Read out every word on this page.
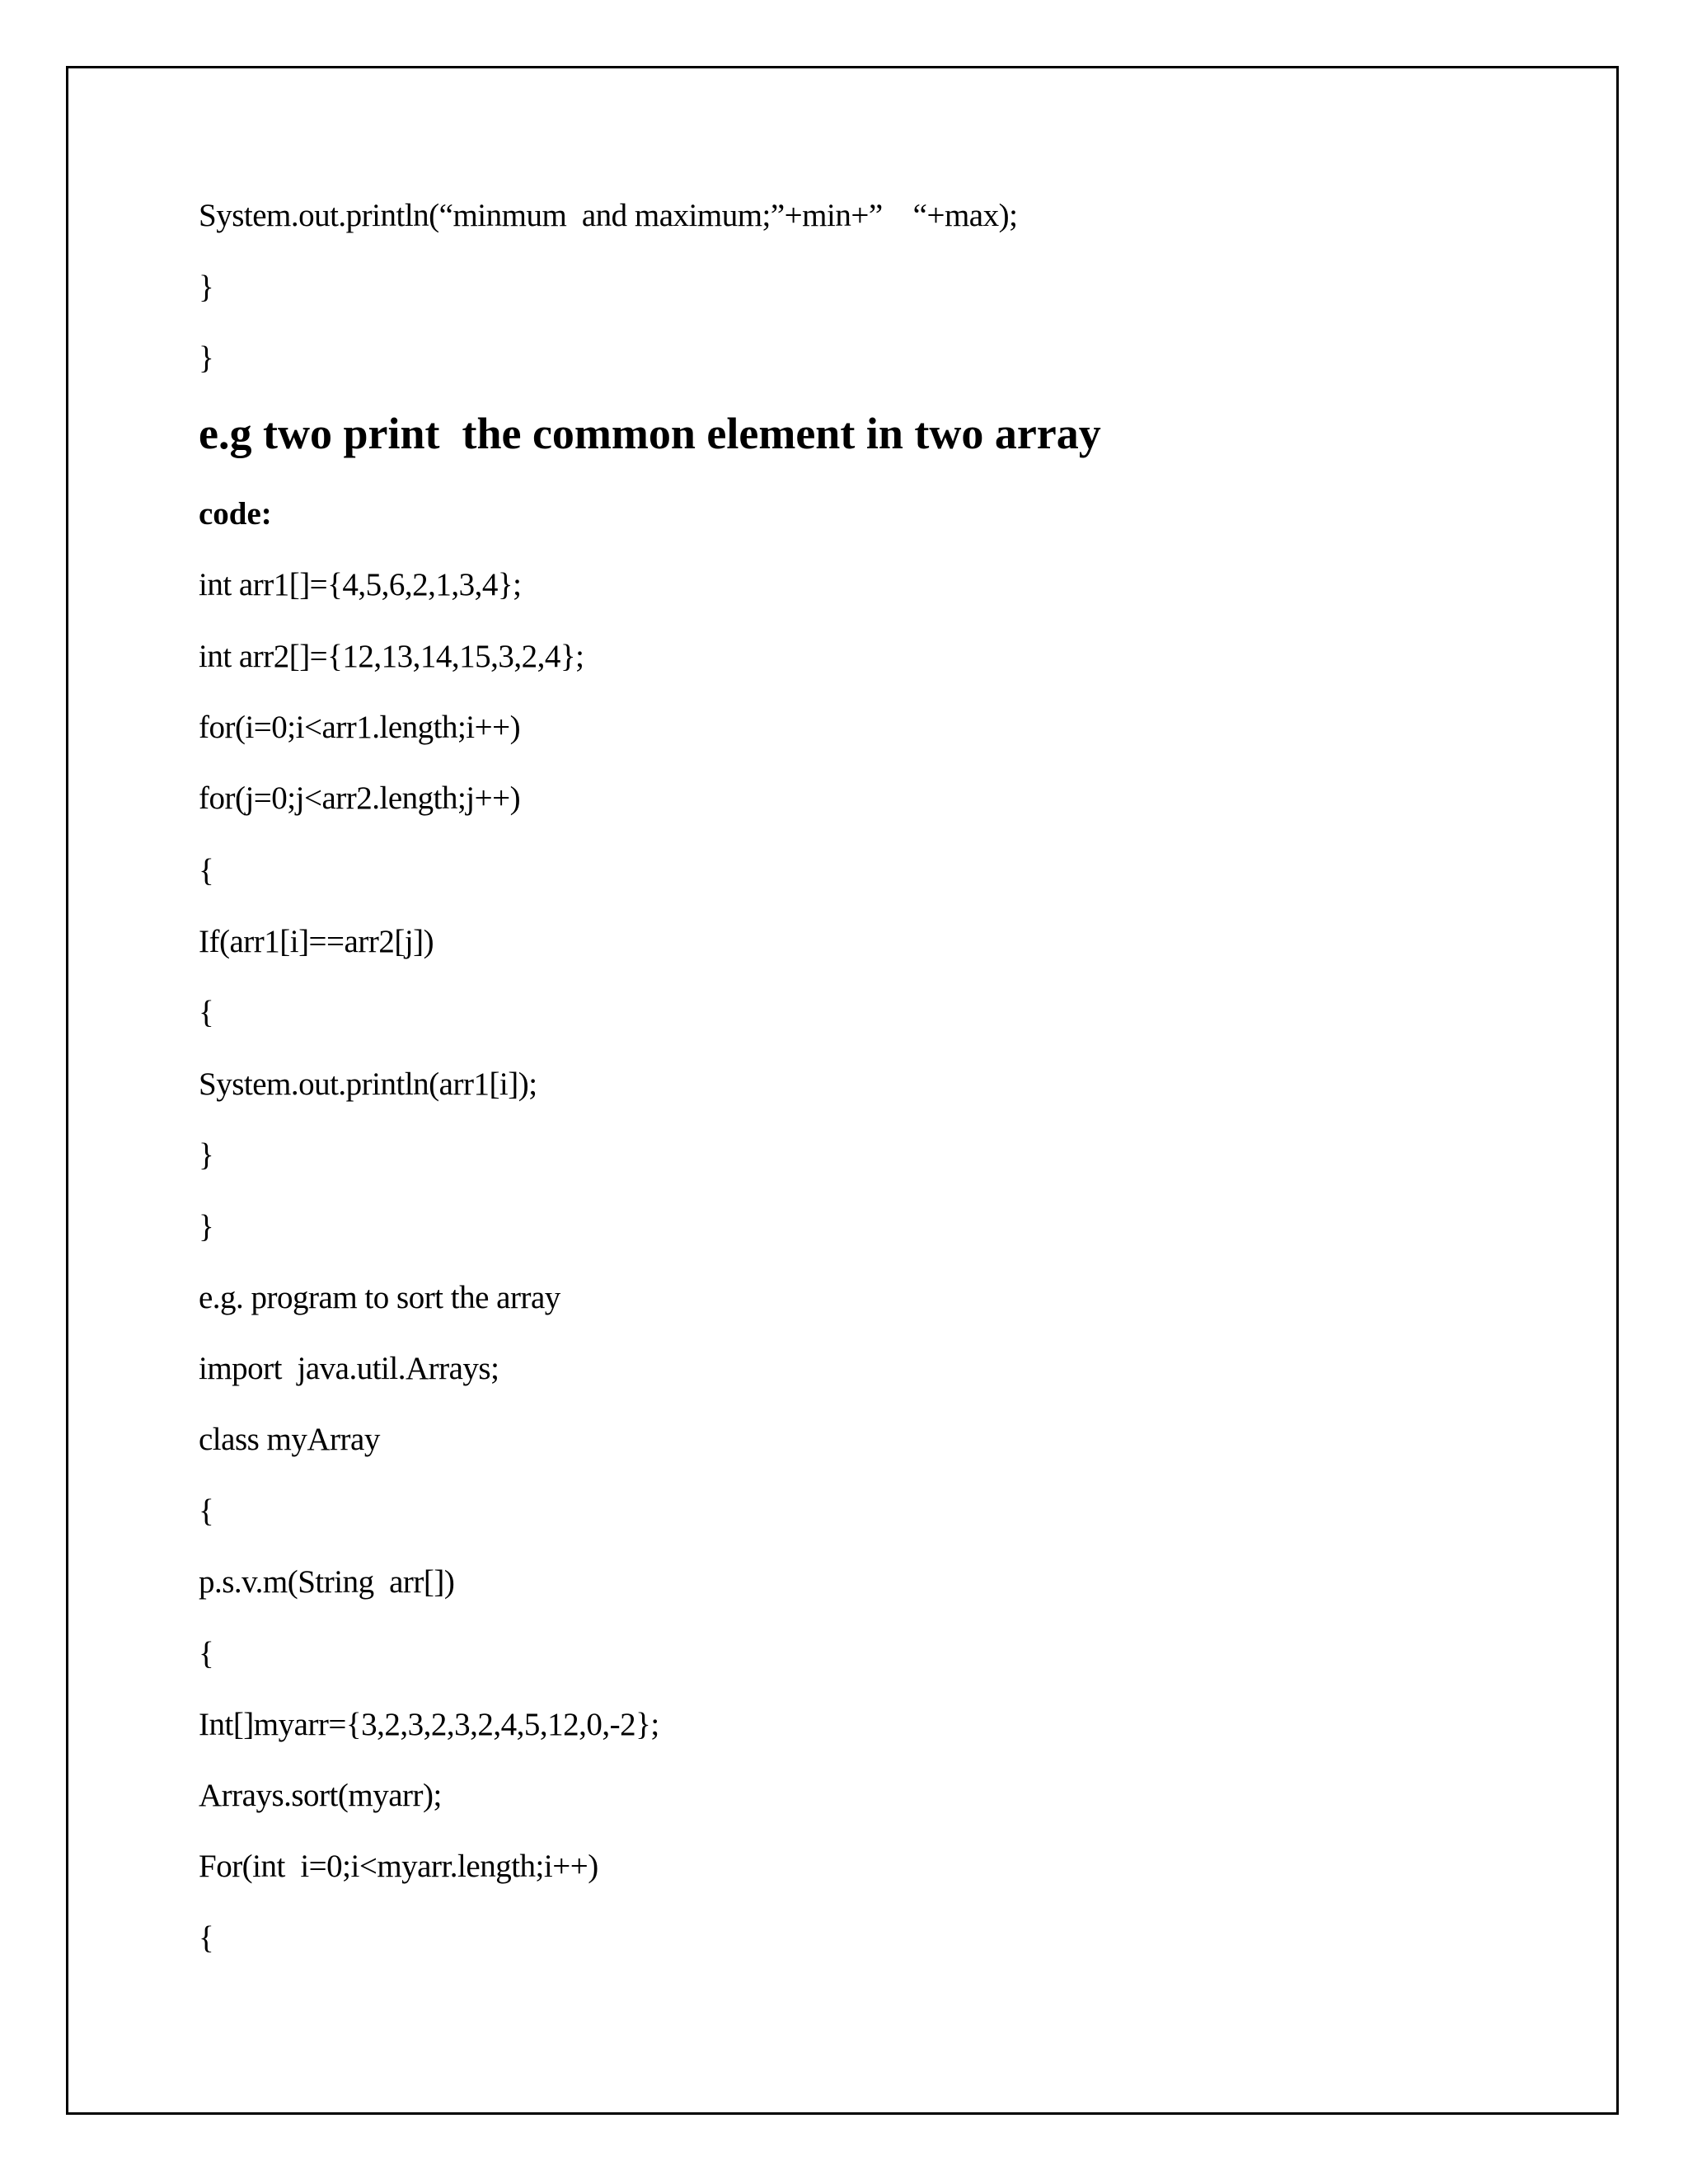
System.out.println(“minmum  and maximum;”+min+”    “+max);

}

}

e.g two print  the common element in two array

code:

int arr1[]={4,5,6,2,1,3,4};

int arr2[]={12,13,14,15,3,2,4};

for(i=0;i<arr1.length;i++)

for(j=0;j<arr2.length;j++)

{

If(arr1[i]==arr2[j])

{

System.out.println(arr1[i]);

}

}

e.g. program to sort the array

import  java.util.Arrays;

class myArray

{

p.s.v.m(String  arr[])

{

Int[]myarr={3,2,3,2,3,2,4,5,12,0,-2};

Arrays.sort(myarr);

For(int  i=0;i<myarr.length;i++)

{
